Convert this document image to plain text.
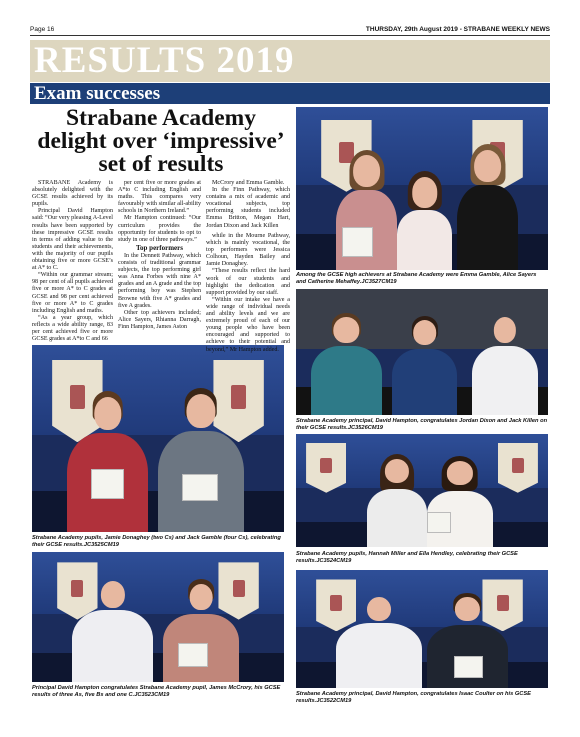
Page 16	THURSDAY, 29th August 2019 - STRABANE WEEKLY NEWS
RESULTS 2019
Exam successes
Strabane Academy delight over ‘impressive’ set of results

STRABANE Academy is absolutely delighted with the GCSE results achieved by its pupils.

Principal David Hampton said: “Our very pleasing A-Level results have been supported by these impressive GCSE results in terms of adding value to the students and their achievements, with the majority of our pupils obtaining five or more GCSE’s at A* to C.

“Within our grammar stream; 98 per cent of all pupils achieved five or more A* to C grades at GCSE and 98 per cent achieved five or more A* to C grades including English and maths.

“As a year group, which reflects a wide ability range, 83 per cent achieved five or more GCSE grades at A*to C and 66

per cent five or more grades at A*to C including English and maths. This compares very favourably with similar all-ability schools in Northern Ireland.”

Mr Hampton continued: “Our curriculum provides the opportunity for students to opt to study in one of three pathways.”

Top performers

In the Dennett Pathway, which consists of traditional grammar subjects, the top performing girl was Anna Forbes with nine A* grades and an A grade and the top performing boy was Stephen Browne with five A* grades and five A grades.

Other top achievers included; Alice Sayers, Rhianna Darragh, Finn Hampton, James Aston

McCrory and Emma Gamble.

In the Finn Pathway, which contains a mix of academic and vocational subjects, top performing students included Emma Britton, Megan Hart, Jordan Dixon and Jack Killen

Among the GCSE high achievers at Strabane Academy were Emma Gamble, Alice Sayers and Catherine Mehaffey.JC3527CM19
Strabane Academy principal, David Hampton, congratulates Jordan Dixon and Jack Killen on their GCSE results.JC3526CM19
Strabane Academy pupils, Jamie Donaghey (two Cs) and Jack Gamble (four Cs), celebrating their GCSE results.JC3525CM19
Strabane Academy pupils, Hannah Miller and Ella Hendley, celebrating their GCSE results.JC3524CM19
Principal David Hampton congratulates Strabane Academy pupil, James McCrory, his GCSE results of three As, five Bs and one C.JC3523CM19	Strabane Academy principal, David Hampton, congratulates Isaac Coulter on his GCSE results.JC3522CM19

while in the Mourne Pathway, which is mainly vocational, the top performers were Jessica Colhoun, Hayden Bailey and Jamie Donaghey.

“These results reflect the hard work of our students and highlight the dedication and support provided by our staff.

“Within our intake we have a wide range of individual needs and ability levels and we are extremely proud of each of our young people who have been encouraged and supported to achieve to their potential and beyond,” Mr Hampton added.
